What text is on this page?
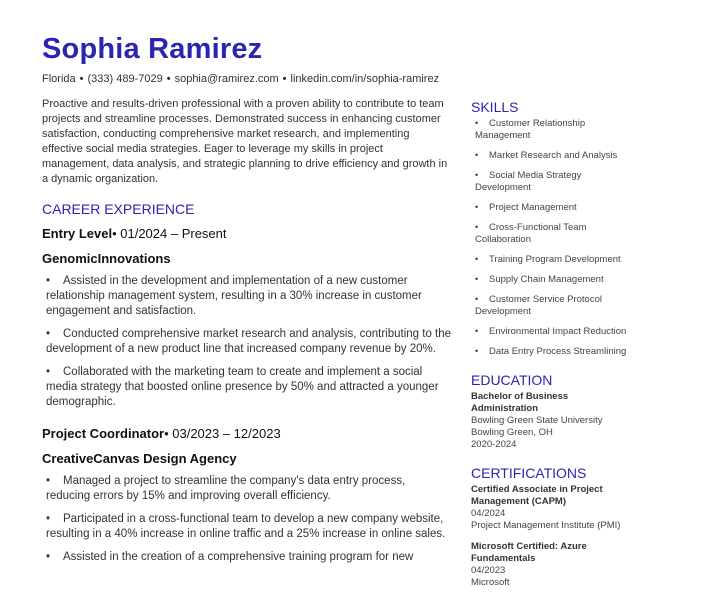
Sophia Ramirez
Florida • (333) 489-7029 • sophia@ramirez.com • linkedin.com/in/sophia-ramirez
Proactive and results-driven professional with a proven ability to contribute to team projects and streamline processes. Demonstrated success in enhancing customer satisfaction, conducting comprehensive market research, and implementing effective social media strategies. Eager to leverage my skills in project management, data analysis, and strategic planning to drive efficiency and growth in a dynamic organization.
CAREER EXPERIENCE
Entry Level• 01/2024 – Present
GenomicInnovations
• Assisted in the development and implementation of a new customer relationship management system, resulting in a 30% increase in customer engagement and satisfaction.
• Conducted comprehensive market research and analysis, contributing to the development of a new product line that increased company revenue by 20%.
• Collaborated with the marketing team to create and implement a social media strategy that boosted online presence by 50% and attracted a younger demographic.
Project Coordinator• 03/2023 – 12/2023
CreativeCanvas Design Agency
• Managed a project to streamline the company's data entry process, reducing errors by 15% and improving overall efficiency.
• Participated in a cross-functional team to develop a new company website, resulting in a 40% increase in online traffic and a 25% increase in online sales.
• Assisted in the creation of a comprehensive training program for new
SKILLS
• Customer Relationship Management
• Market Research and Analysis
• Social Media Strategy Development
• Project Management
• Cross-Functional Team Collaboration
• Training Program Development
• Supply Chain Management
• Customer Service Protocol Development
• Environmental Impact Reduction
• Data Entry Process Streamlining
EDUCATION
Bachelor of Business Administration
Bowling Green State University
Bowling Green, OH
2020-2024
CERTIFICATIONS
Certified Associate in Project Management (CAPM)
04/2024
Project Management Institute (PMI)
Microsoft Certified: Azure Fundamentals
04/2023
Microsoft
